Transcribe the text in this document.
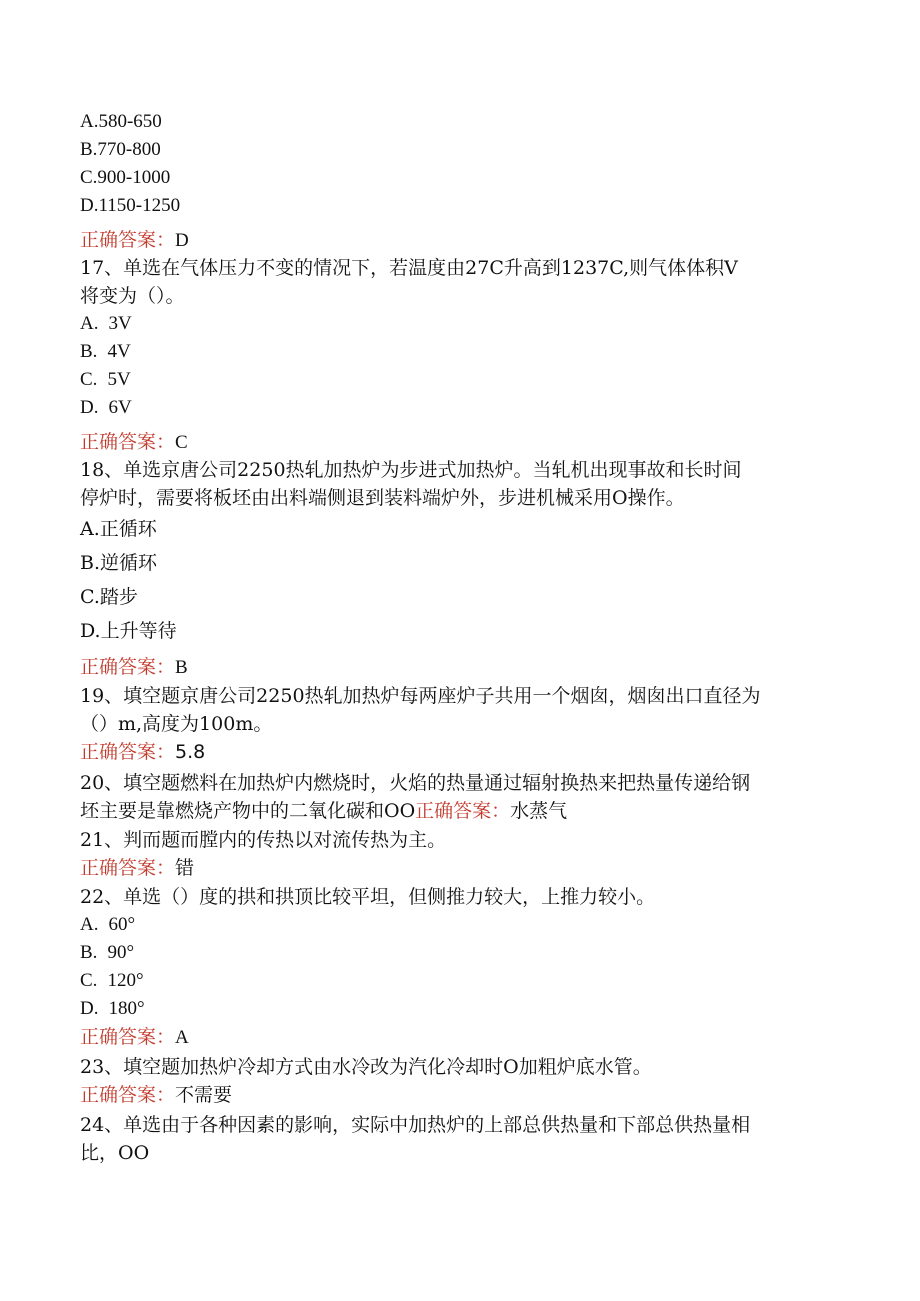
A.580-650

B.770-800

C.900-1000

D.1150-1250

正确答案：D

17、单选在气体压力不变的情况下，若温度由27C升高到1237C,则气体体积V

将变为（）。

A. 3V

B. 4V

C. 5V

D. 6V

正确答案：C

18、单选京唐公司2250热轧加热炉为步进式加热炉。当轧机出现事故和长时间

停炉时，需要将板坯由出料端侧退到装料端炉外，步进机械采用O操作。

A.正循环

B.逆循环

C.踏步

D.上升等待

正确答案：B

19、填空题京唐公司2250热轧加热炉每两座炉子共用一个烟囱，烟囱出口直径为

（）m,高度为100m。

正确答案：5.8

20、填空题燃料在加热炉内燃烧时，火焰的热量通过辐射换热来把热量传递给钢

坯主要是靠燃烧产物中的二氧化碳和OO正确答案：水蒸气

21、判而题而膛内的传热以对流传热为主。

正确答案：错

22、单选（）度的拱和拱顶比较平坦，但侧推力较大，上推力较小。

A. 60°

B. 90°

C. 120°

D. 180°

正确答案：A

23、填空题加热炉冷却方式由水冷改为汽化冷却时O加粗炉底水管。

正确答案：不需要

24、单选由于各种因素的影响，实际中加热炉的上部总供热量和下部总供热量相

比，OO
